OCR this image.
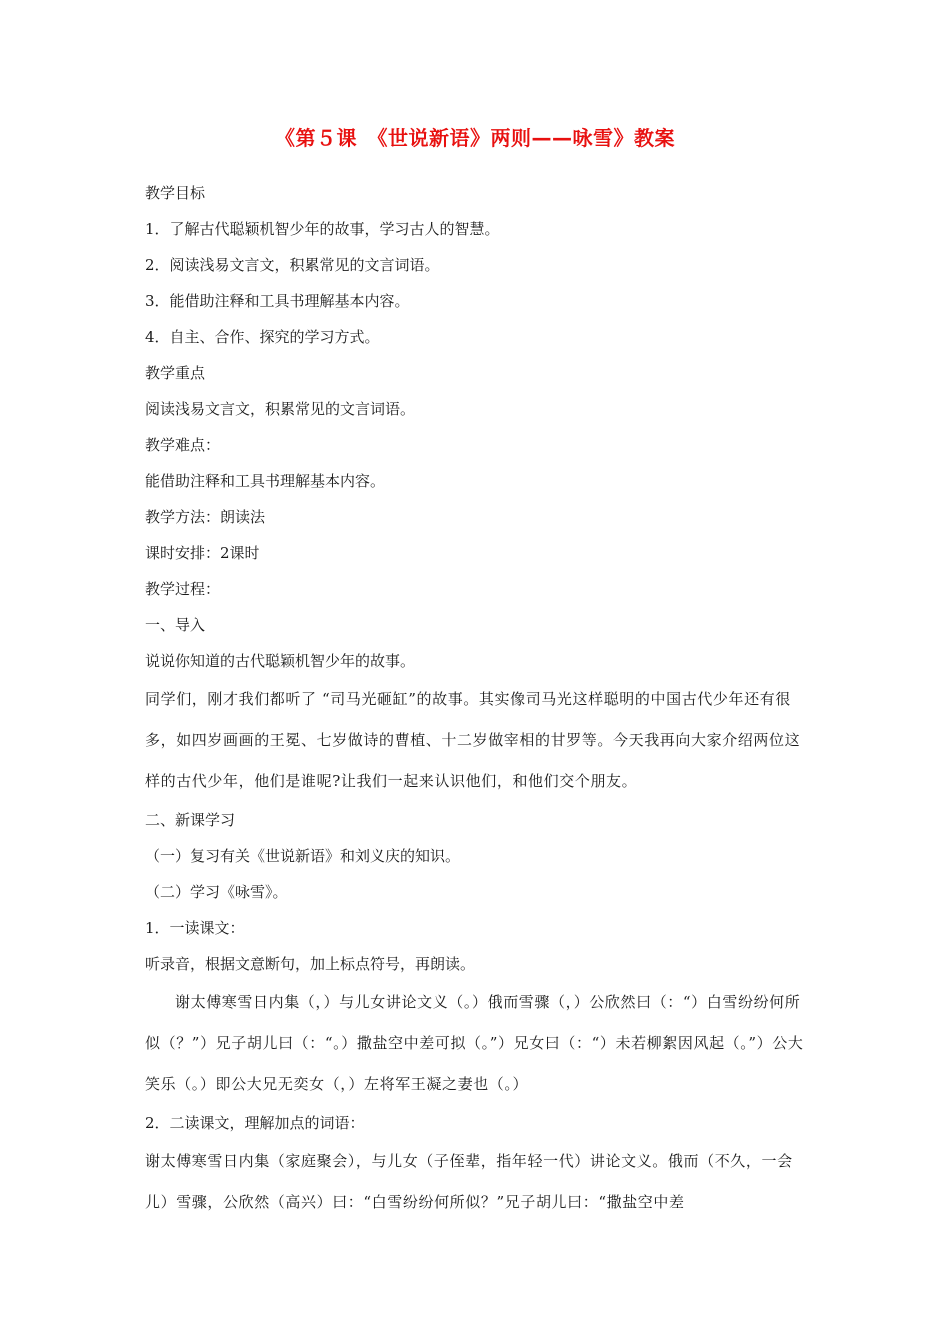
《第５课　《世说新语》两则——咏雪》教案
教学目标
1．了解古代聪颖机智少年的故事，学习古人的智慧。
2．阅读浅易文言文，积累常见的文言词语。
3．能借助注释和工具书理解基本内容。
4．自主、合作、探究的学习方式。
教学重点
阅读浅易文言文，积累常见的文言词语。
教学难点：
能借助注释和工具书理解基本内容。
教学方法：朗读法
课时安排：2课时
教学过程：
一、导入
说说你知道的古代聪颖机智少年的故事。
同学们，刚才我们都听了 “司马光砸缸”的故事。其实像司马光这样聪明的中国古代少年还有很多，如四岁画画的王冕、七岁做诗的曹植、十二岁做宰相的甘罗等。今天我再向大家介绍两位这样的古代少年，他们是谁呢?让我们一起来认识他们，和他们交个朋友。
二、新课学习
（一）复习有关《世说新语》和刘义庆的知识。
（二）学习《咏雪》。
1．一读课文：
听录音，根据文意断句，加上标点符号，再朗读。
谢太傅寒雪日内集（，）与儿女讲论文义（。）俄而雪骤（，）公欣然曰（：“）白雪纷纷何所似（？”）兄子胡儿曰（：“。）撒盐空中差可拟（。”）兄女曰（：“）未若柳絮因风起（。”）公大笑乐（。）即公大兄无奕女（，）左将军王凝之妻也（。）
2．二读课文，理解加点的词语：
谢太傅寒雪日内集（家庭聚会），与儿女（子侄辈，指年轻一代）讲论文义。俄而（不久，一会儿）雪骤，公欣然（高兴）曰：“白雪纷纷何所似？”兄子胡儿曰：“撒盐空中差
